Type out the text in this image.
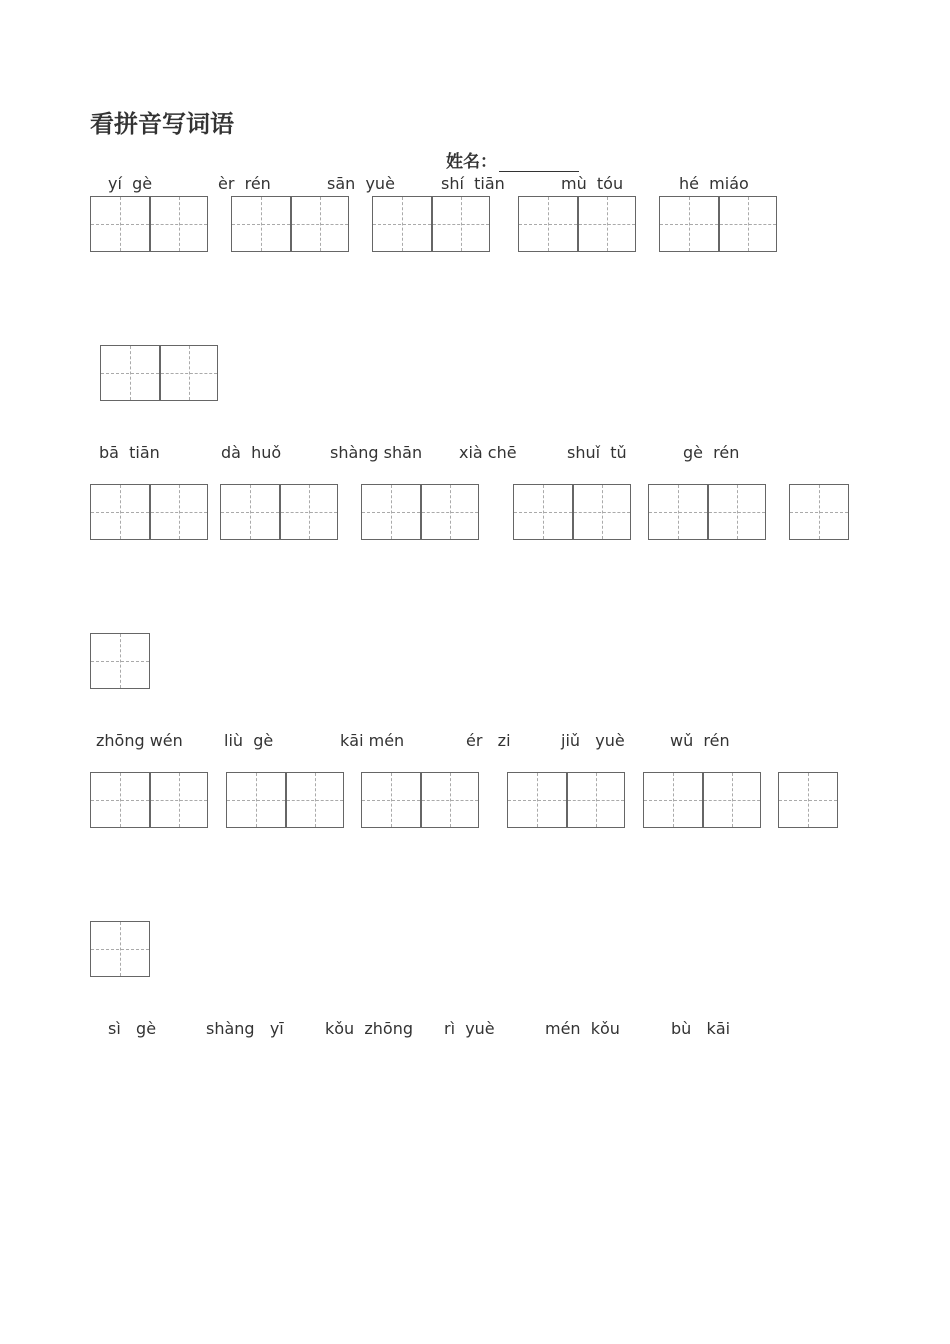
看拼音写词语
姓名：
yí  gè	èr  rén	sān  yuè	shí  tiān	mù  tóu	hé  miáo
bā  tiān	dà  huǒ	shàng shān xià chē	shuǐ  tǔ	gè  rén
zhōng wén	liù  gè	kāi mén	ér   zi	jiǔ   yuè	wǔ  rén
sì   gè	shàng   yī	kǒu  zhōng rì  yuè	mén  kǒu	bù   kāi
